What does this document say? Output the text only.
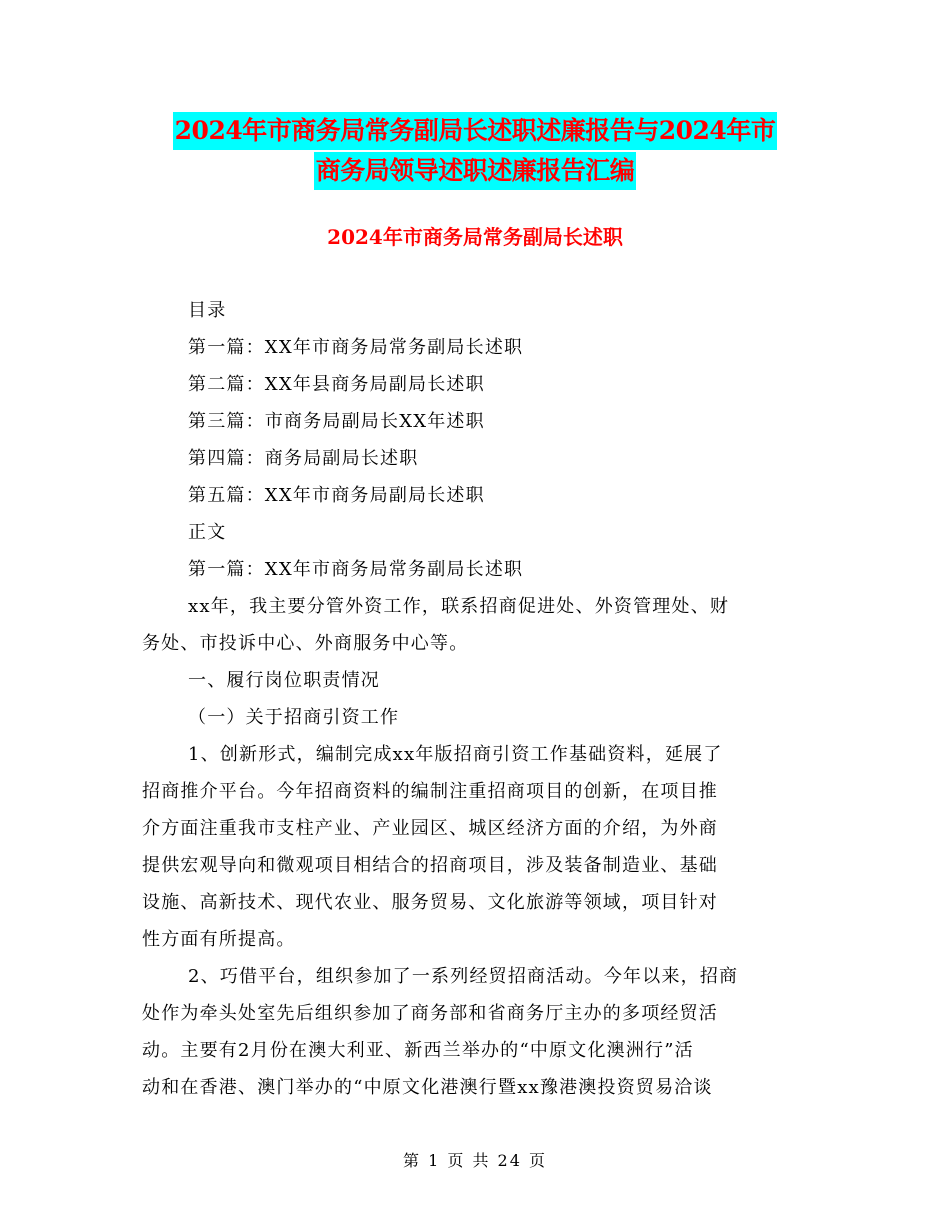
2024年市商务局常务副局长述职述廉报告与2024年市
商务局领导述职述廉报告汇编
2024年市商务局常务副局长述职
目录
第一篇：XX年市商务局常务副局长述职
第二篇：XX年县商务局副局长述职
第三篇：市商务局副局长XX年述职
第四篇：商务局副局长述职
第五篇：XX年市商务局副局长述职
正文
第一篇：XX年市商务局常务副局长述职
xx年，我主要分管外资工作，联系招商促进处、外资管理处、财
务处、市投诉中心、外商服务中心等。
一、履行岗位职责情况
（一）关于招商引资工作
1、创新形式，编制完成xx年版招商引资工作基础资料，延展了
招商推介平台。今年招商资料的编制注重招商项目的创新，在项目推
介方面注重我市支柱产业、产业园区、城区经济方面的介绍，为外商
提供宏观导向和微观项目相结合的招商项目，涉及装备制造业、基础
设施、高新技术、现代农业、服务贸易、文化旅游等领域，项目针对
性方面有所提高。
2、巧借平台，组织参加了一系列经贸招商活动。今年以来，招商
处作为牵头处室先后组织参加了商务部和省商务厅主办的多项经贸活
动。主要有2月份在澳大利亚、新西兰举办的“中原文化澳洲行”活
动和在香港、澳门举办的“中原文化港澳行暨xx豫港澳投资贸易洽谈
第 1 页 共 24 页
